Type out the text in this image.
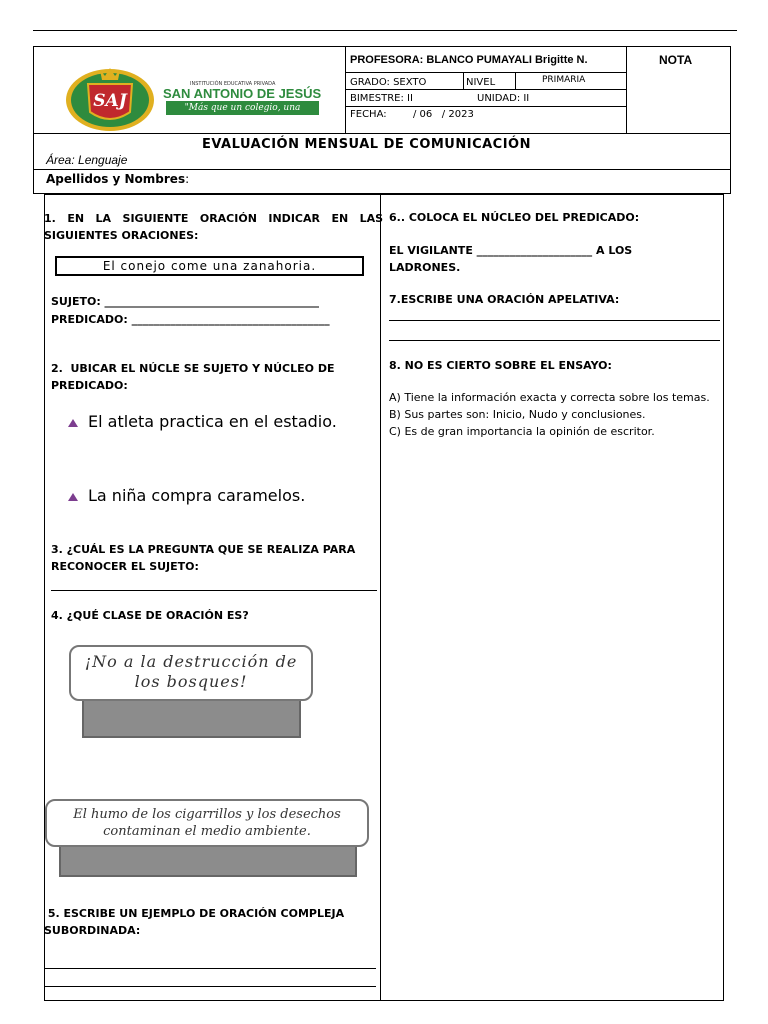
SAJ
INSTITUCIÓN EDUCATIVA PRIVADA
SAN ANTONIO DE JESÚS
"Más que un colegio, una familia"
PROFESORA: BLANCO PUMAYALI Brigitte N.	NOTA
GRADO: SEXTO	NIVEL	PRIMARIA
BIMESTRE: II	UNIDAD: II
FECHA:	/ 06   / 2023
EVALUACIÓN MENSUAL DE COMUNICACIÓN
Área: Lenguaje
Apellidos y Nombres:
1.   EN   LA   SIGUIENTE   ORACIÓN   INDICAR   EN   LAS
SIGUIENTES ORACIONES:
El conejo come una zanahoria.
SUJETO: _______________________________________
PREDICADO: ____________________________________
2.  UBICAR EL NÚCLE SE SUJETO Y NÚCLEO DE
PREDICADO:
El atleta practica en el estadio.
La niña compra caramelos.
3. ¿CUÁL ES LA PREGUNTA QUE SE REALIZA PARA
RECONOCER EL SUJETO:
4. ¿QUÉ CLASE DE ORACIÓN ES?
¡No a la destrucción de
los bosques!
El humo de los cigarrillos y los desechos
contaminan el medio ambiente.
5. ESCRIBE UN EJEMPLO DE ORACIÓN COMPLEJA
SUBORDINADA:
6.. COLOCA EL NÚCLEO DEL PREDICADO:
EL VIGILANTE _____________________ A LOS
LADRONES.
7.ESCRIBE UNA ORACIÓN APELATIVA:
8. NO ES CIERTO SOBRE EL ENSAYO:
A) Tiene la información exacta y correcta sobre los temas.
B) Sus partes son: Inicio, Nudo y conclusiones.
C) Es de gran importancia la opinión de escritor.
